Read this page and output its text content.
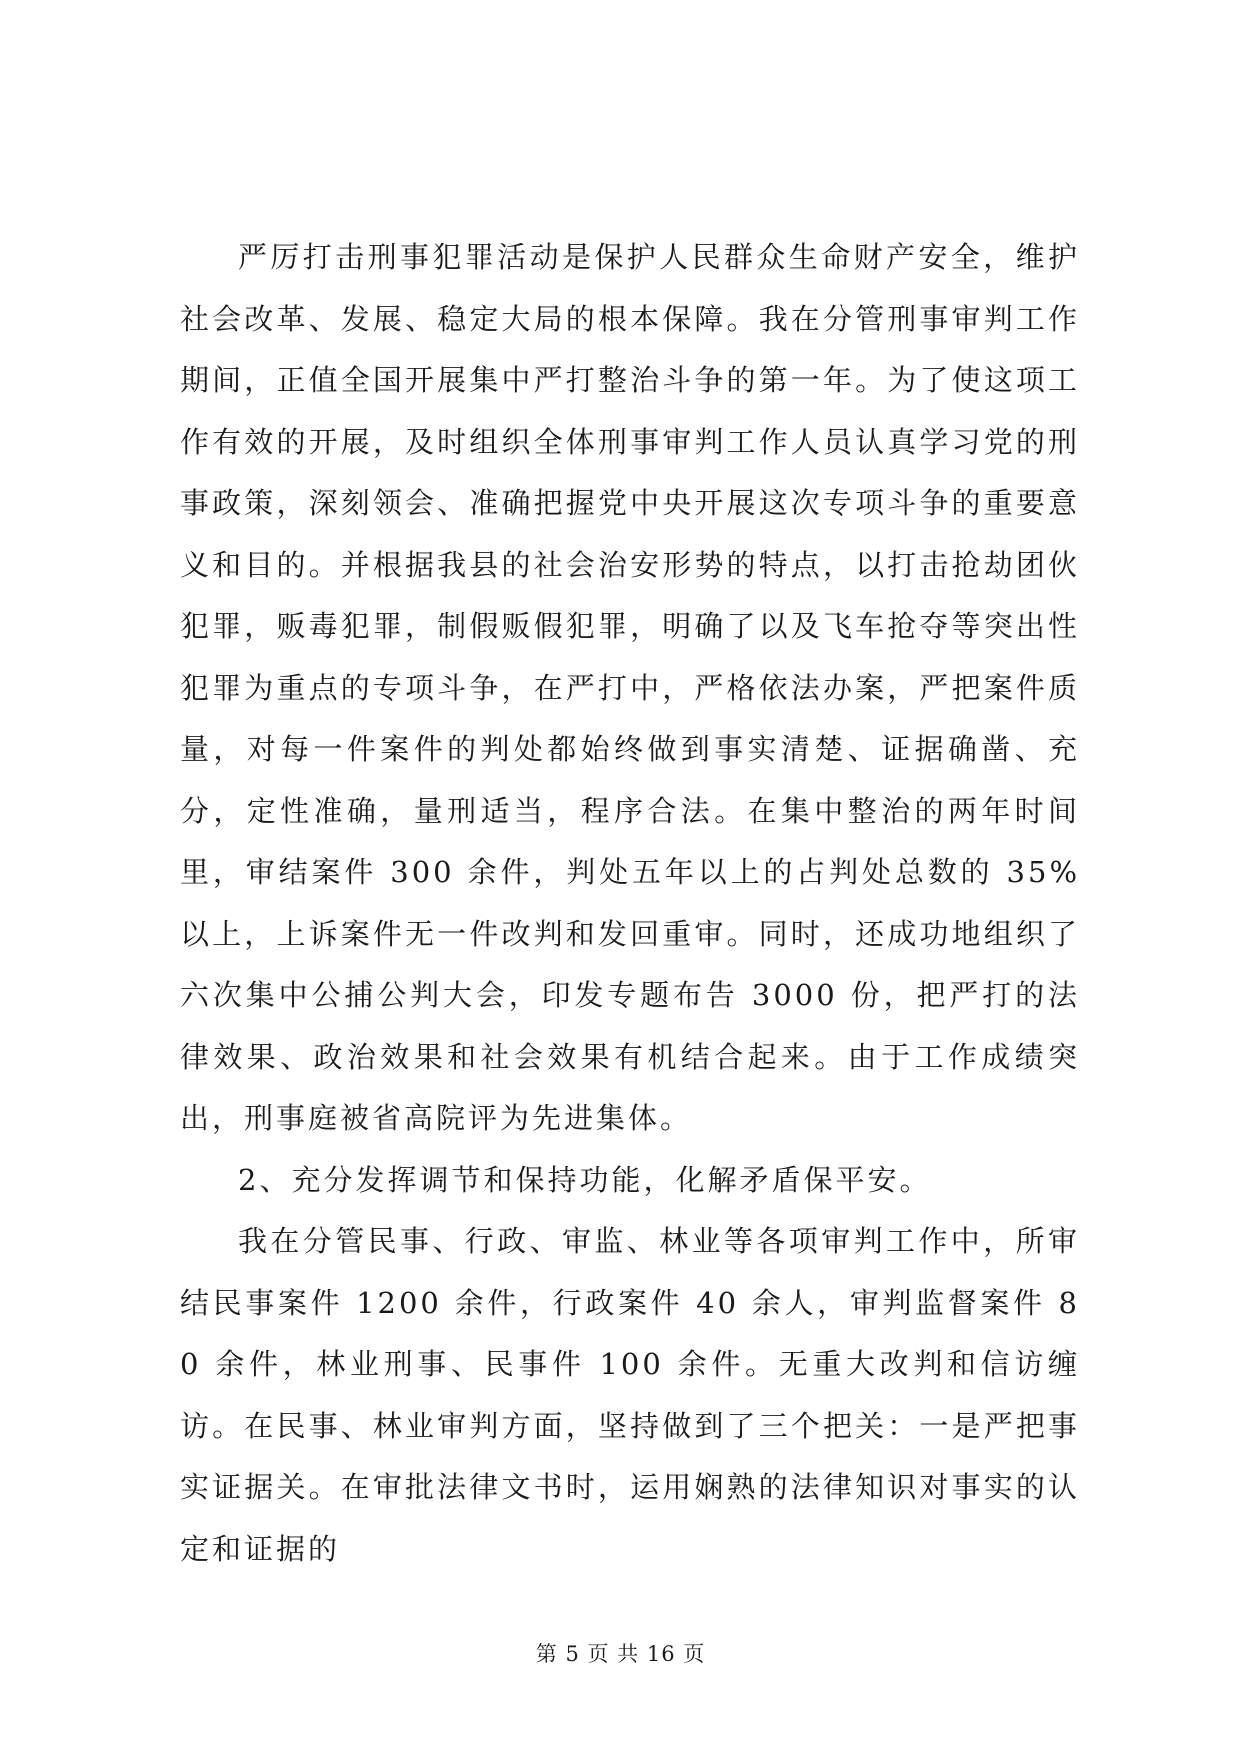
严厉打击刑事犯罪活动是保护人民群众生命财产安全，维护社会改革、发展、稳定大局的根本保障。我在分管刑事审判工作期间，正值全国开展集中严打整治斗争的第一年。为了使这项工作有效的开展，及时组织全体刑事审判工作人员认真学习党的刑事政策，深刻领会、准确把握党中央开展这次专项斗争的重要意义和目的。并根据我县的社会治安形势的特点，以打击抢劫团伙犯罪，贩毒犯罪，制假贩假犯罪，明确了以及飞车抢夺等突出性犯罪为重点的专项斗争，在严打中，严格依法办案，严把案件质量，对每一件案件的判处都始终做到事实清楚、证据确凿、充分，定性准确，量刑适当，程序合法。在集中整治的两年时间里，审结案件 300 余件，判处五年以上的占判处总数的 35%以上，上诉案件无一件改判和发回重审。同时，还成功地组织了六次集中公捕公判大会，印发专题布告 3000 份，把严打的法律效果、政治效果和社会效果有机结合起来。由于工作成绩突出，刑事庭被省高院评为先进集体。

2、充分发挥调节和保持功能，化解矛盾保平安。

我在分管民事、行政、审监、林业等各项审判工作中，所审结民事案件 1200 余件，行政案件 40 余人，审判监督案件 80 余件，林业刑事、民事件 100 余件。无重大改判和信访缠访。在民事、林业审判方面，坚持做到了三个把关：一是严把事实证据关。在审批法律文书时，运用娴熟的法律知识对事实的认定和证据的

第 5 页 共 16 页
